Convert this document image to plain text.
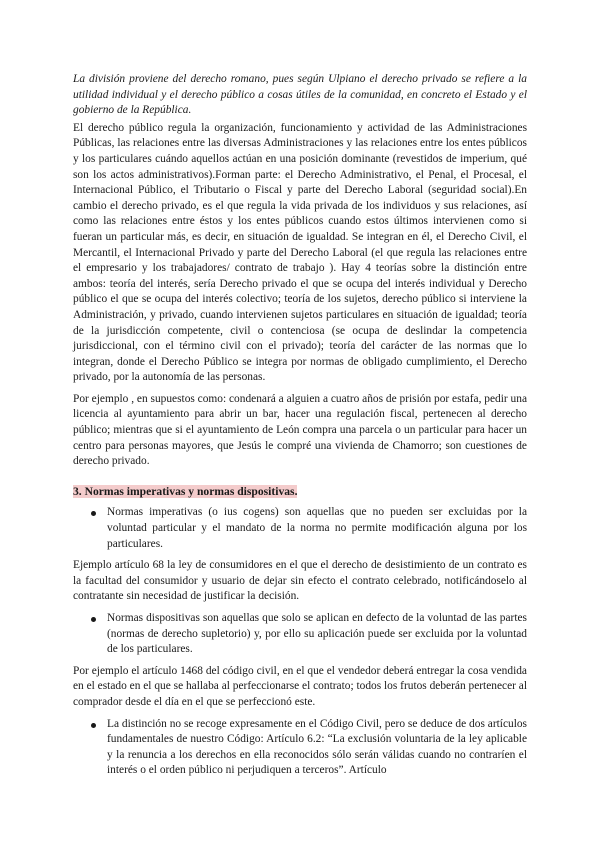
La división proviene del derecho romano, pues según Ulpiano el derecho privado se refiere a la utilidad individual y el derecho público a cosas útiles de la comunidad, en concreto el Estado y el gobierno de la República.

El derecho público regula la organización, funcionamiento y actividad de las Administraciones Públicas, las relaciones entre las diversas Administraciones y las relaciones entre los entes públicos y los particulares cuándo aquellos actúan en una posición dominante (revestidos de imperium, qué son los actos administrativos).Forman parte: el Derecho Administrativo, el Penal, el Procesal, el Internacional Público, el Tributario o Fiscal y parte del Derecho Laboral (seguridad social).En cambio el derecho privado, es el que regula la vida privada de los individuos y sus relaciones, así como las relaciones entre éstos y los entes públicos cuando estos últimos intervienen como si fueran un particular más, es decir, en situación de igualdad. Se integran en él, el Derecho Civil, el Mercantil, el Internacional Privado y parte del Derecho Laboral (el que regula las relaciones entre el empresario y los trabajadores/ contrato de trabajo ). Hay 4 teorías sobre la distinción entre ambos: teoría del interés, sería Derecho privado el que se ocupa del interés individual y Derecho público el que se ocupa del interés colectivo; teoría de los sujetos, derecho público si interviene la Administración, y privado, cuando intervienen sujetos particulares en situación de igualdad; teoría de la jurisdicción competente, civil o contenciosa (se ocupa de deslindar la competencia jurisdiccional, con el término civil con el privado); teoría del carácter de las normas que lo integran, donde el Derecho Público se integra por normas de obligado cumplimiento, el Derecho privado, por la autonomía de las personas.

Por ejemplo , en supuestos como: condenará a alguien a cuatro años de prisión por estafa, pedir una licencia al ayuntamiento para abrir un bar, hacer una regulación fiscal, pertenecen al derecho público; mientras que si el ayuntamiento de León compra una parcela o un particular para hacer un centro para personas mayores, que Jesús le compré una vivienda de Chamorro; son cuestiones de derecho privado.

3. Normas imperativas y normas dispositivas.

Normas imperativas (o ius cogens) son aquellas que no pueden ser excluidas por la voluntad particular y el mandato de la norma no permite modificación alguna por los particulares.

Ejemplo artículo 68 la ley de consumidores en el que el derecho de desistimiento de un contrato es la facultad del consumidor y usuario de dejar sin efecto el contrato celebrado, notificándoselo al contratante sin necesidad de justificar la decisión.

Normas dispositivas son aquellas que solo se aplican en defecto de la voluntad de las partes (normas de derecho supletorio) y, por ello su aplicación puede ser excluida por la voluntad de los particulares.

Por ejemplo el artículo 1468 del código civil, en el que el vendedor deberá entregar la cosa vendida en el estado en el que se hallaba al perfeccionarse el contrato; todos los frutos deberán pertenecer al comprador desde el día en el que se perfeccionó este.

La distinción no se recoge expresamente en el Código Civil, pero se deduce de dos artículos fundamentales de nuestro Código: Artículo 6.2: “La exclusión voluntaria de la ley aplicable y la renuncia a los derechos en ella reconocidos sólo serán válidas cuando no contraríen el interés o el orden público ni perjudiquen a terceros”. Artículo
